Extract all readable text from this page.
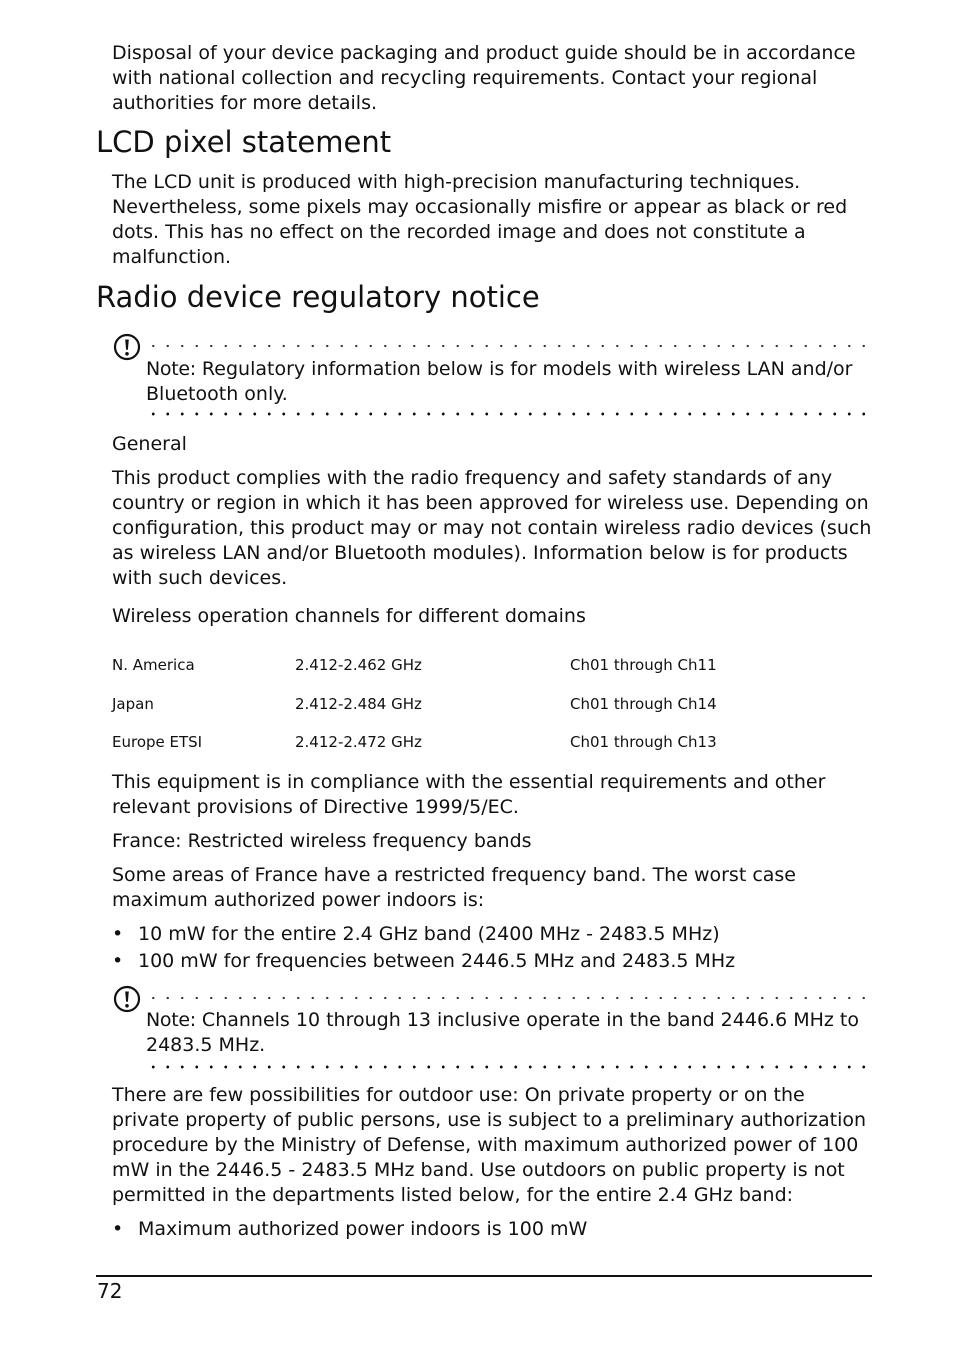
Disposal of your device packaging and product guide should be in accordance with national collection and recycling requirements. Contact your regional authorities for more details.

LCD pixel statement

The LCD unit is produced with high-precision manufacturing techniques. Nevertheless, some pixels may occasionally misfire or appear as black or red dots. This has no effect on the recorded image and does not constitute a malfunction.

Radio device regulatory notice

Note: Regulatory information below is for models with wireless LAN and/or Bluetooth only.

General

This product complies with the radio frequency and safety standards of any country or region in which it has been approved for wireless use. Depending on configuration, this product may or may not contain wireless radio devices (such as wireless LAN and/or Bluetooth modules). Information below is for products with such devices.

Wireless operation channels for different domains

N. America	2.412-2.462 GHz	Ch01 through Ch11
Japan	2.412-2.484 GHz	Ch01 through Ch14
Europe ETSI	2.412-2.472 GHz	Ch01 through Ch13

This equipment is in compliance with the essential requirements and other relevant provisions of Directive 1999/5/EC.

France: Restricted wireless frequency bands

Some areas of France have a restricted frequency band. The worst case maximum authorized power indoors is:

• 10 mW for the entire 2.4 GHz band (2400 MHz - 2483.5 MHz)
• 100 mW for frequencies between 2446.5 MHz and 2483.5 MHz

Note: Channels 10 through 13 inclusive operate in the band 2446.6 MHz to 2483.5 MHz.

There are few possibilities for outdoor use: On private property or on the private property of public persons, use is subject to a preliminary authorization procedure by the Ministry of Defense, with maximum authorized power of 100 mW in the 2446.5 - 2483.5 MHz band. Use outdoors on public property is not permitted in the departments listed below, for the entire 2.4 GHz band:

• Maximum authorized power indoors is 100 mW
72
